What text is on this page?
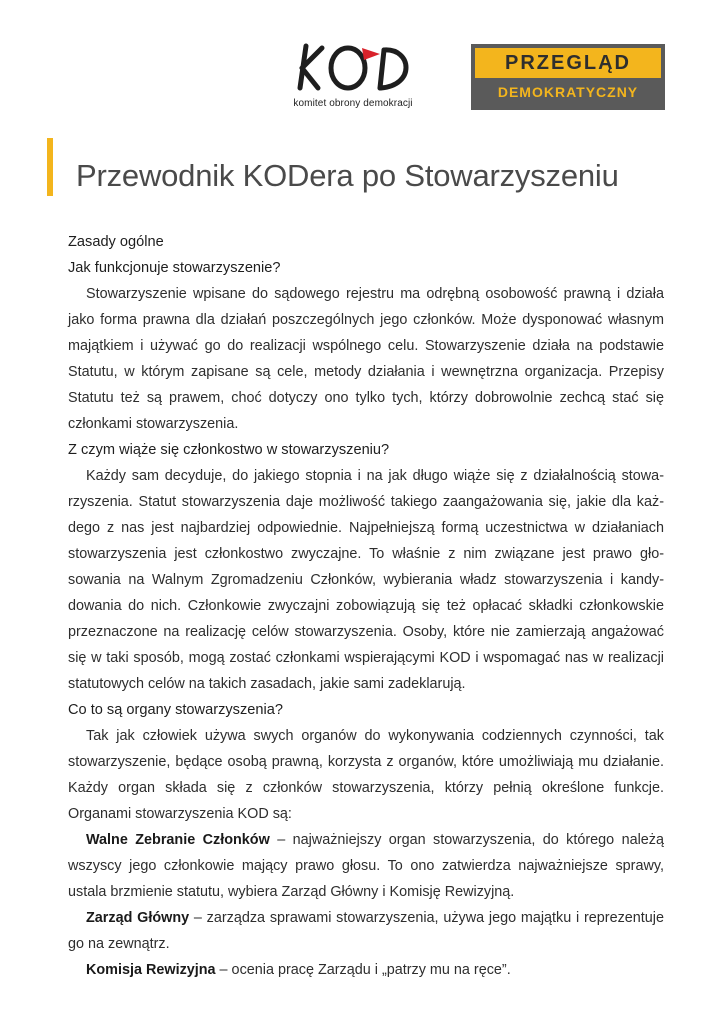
komitet obrony demokracji
PRZEGLĄD
DEMOKRATYCZNY
Przewodnik KODera po Stowarzyszeniu

Zasady ogólne

Jak funkcjonuje stowarzyszenie?

Stowarzyszenie wpisane do sądowego rejestru ma odrębną osobowość prawną i działa jako forma prawna dla działań poszczególnych jego członków. Może dysponować własnym majątkiem i używać go do realizacji wspólnego celu. Stowarzyszenie działa na podstawie Statutu, w którym zapisane są cele, metody działania i wewnętrzna organizacja. Przepisy Statutu też są prawem, choć dotyczy ono tylko tych, którzy dobrowolnie zechcą stać się członkami stowarzyszenia.

Z czym wiąże się członkostwo w stowarzyszeniu?

Każdy sam decyduje, do jakiego stopnia i na jak długo wiąże się z działalnością stowarzyszenia. Statut stowarzyszenia daje możliwość takiego zaangażowania się, jakie dla każdego z nas jest najbardziej odpowiednie. Najpełniejszą formą uczestnictwa w działaniach stowarzyszenia jest członkostwo zwyczajne. To właśnie z nim związane jest prawo głosowania na Walnym Zgromadzeniu Członków, wybierania władz stowarzyszenia i kandydowania do nich. Członkowie zwyczajni zobowiązują się też opłacać składki członkowskie przeznaczone na realizację celów stowarzyszenia. Osoby, które nie zamierzają angażować się w taki sposób, mogą zostać członkami wspierającymi KOD i wspomagać nas w realizacji statutowych celów na takich zasadach, jakie sami zadeklarują.

Co to są organy stowarzyszenia?

Tak jak człowiek używa swych organów do wykonywania codziennych czynności, tak stowarzyszenie, będące osobą prawną, korzysta z organów, które umożliwiają mu działanie. Każdy organ składa się z członków stowarzyszenia, którzy pełnią określone funkcje. Organami stowarzyszenia KOD są:

Walne Zebranie Członków – najważniejszy organ stowarzyszenia, do którego należą wszyscy jego członkowie mający prawo głosu. To ono zatwierdza najważniejsze sprawy, ustala brzmienie statutu, wybiera Zarząd Główny i Komisję Rewizyjną.

Zarząd Główny – zarządza sprawami stowarzyszenia, używa jego majątku i reprezentuje go na zewnątrz.

Komisja Rewizyjna – ocenia pracę Zarządu i „patrzy mu na ręce”.
